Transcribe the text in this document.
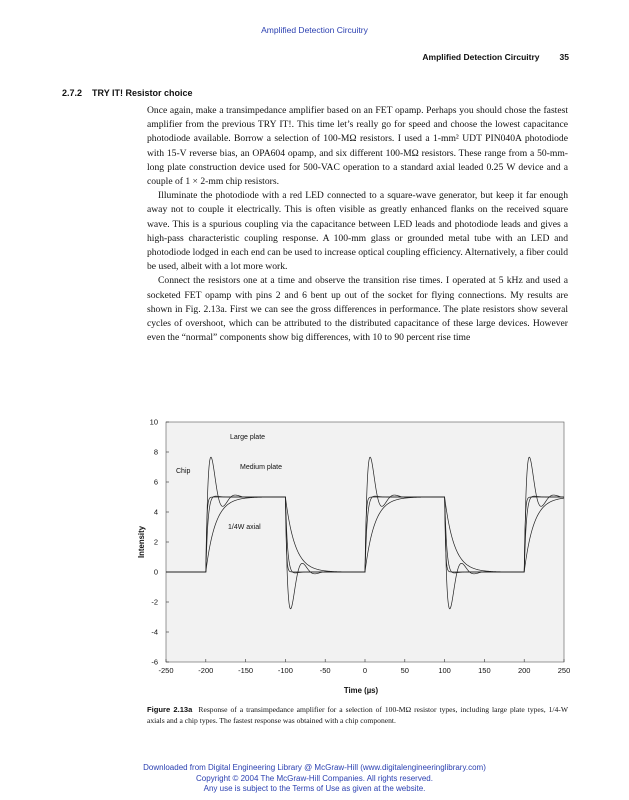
Amplified Detection Circuitry
Amplified Detection Circuitry 35
2.7.2 TRY IT! Resistor choice

Once again, make a transimpedance amplifier based on an FET opamp. Perhaps you should chose the fastest amplifier from the previous TRY IT!. This time let’s really go for speed and choose the lowest capacitance photodiode available. Borrow a selection of 100-MΩ resistors. I used a 1-mm² UDT PIN040A photodiode with 15-V reverse bias, an OPA604 opamp, and six different 100-MΩ resistors. These range from a 50-mm-long plate construction device used for 500-VAC operation to a standard axial leaded 0.25 W device and a couple of 1 × 2-mm chip resistors.

Illuminate the photodiode with a red LED connected to a square-wave generator, but keep it far enough away not to couple it electrically. This is often visible as greatly enhanced flanks on the received square wave. This is a spurious coupling via the capacitance between LED leads and photodiode leads and gives a high-pass characteristic coupling response. A 100-mm glass or grounded metal tube with an LED and photodiode lodged in each end can be used to increase optical coupling efficiency. Alternatively, a fiber could be used, albeit with a lot more work.

Connect the resistors one at a time and observe the transition rise times. I operated at 5 kHz and used a socketed FET opamp with pins 2 and 6 bent up out of the socket for flying connections. My results are shown in Fig. 2.13a. First we can see the gross differences in performance. The plate resistors show several cycles of overshoot, which can be attributed to the distributed capacitance of these large devices. However even the “normal” components show big differences, with 10 to 90 percent rise time

-250	-200	-150	-100	-50	0	50	100	150	200	250
-6
-4
-2
0
2
4
6
8
10
Large plate
Medium plate
Chip
1/4W axial
Time (µs)
Intensity
Figure 2.13a Response of a transimpedance amplifier for a selection of 100-MΩ resistor types, including large plate types, 1/4-W axials and a chip types. The fastest response was obtained with a chip component.
Downloaded from Digital Engineering Library @ McGraw-Hill (www.digitalengineeringlibrary.com)
Copyright © 2004 The McGraw-Hill Companies. All rights reserved.
Any use is subject to the Terms of Use as given at the website.
